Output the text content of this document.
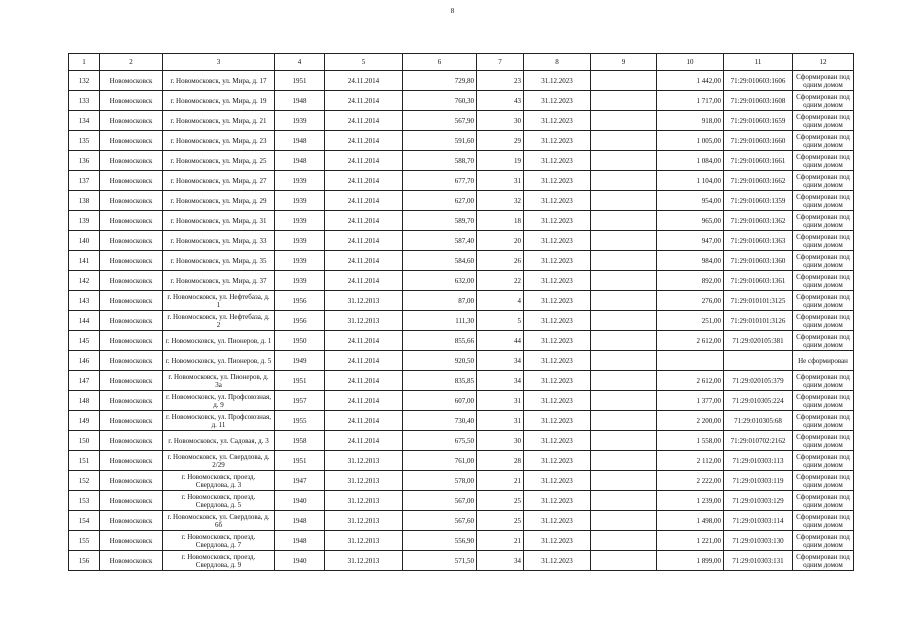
8
1	2	3	4	5	6	7	8	9	10	11	12
132	Новомосковск	г. Новомосковск, ул. Мира, д. 17	1951	24.11.2014	729,80	23	31.12.2023		1 442,00	71:29:010603:1606	Сформирован под одним домом
133	Новомосковск	г. Новомосковск, ул. Мира, д. 19	1948	24.11.2014	760,30	43	31.12.2023		1 717,00	71:29:010603:1608	Сформирован под одним домом
134	Новомосковск	г. Новомосковск, ул. Мира, д. 21	1939	24.11.2014	567,90	30	31.12.2023		918,00	71:29:010603:1659	Сформирован под одним домом
135	Новомосковск	г. Новомосковск, ул. Мира, д. 23	1948	24.11.2014	591,60	29	31.12.2023		1 005,00	71:29:010603:1660	Сформирован под одним домом
136	Новомосковск	г. Новомосковск, ул. Мира, д. 25	1948	24.11.2014	588,70	19	31.12.2023		1 084,00	71:29:010603:1661	Сформирован под одним домом
137	Новомосковск	г. Новомосковск, ул. Мира, д. 27	1939	24.11.2014	677,70	31	31.12.2023		1 104,00	71:29:010603:1662	Сформирован под одним домом
138	Новомосковск	г. Новомосковск, ул. Мира, д. 29	1939	24.11.2014	627,00	32	31.12.2023		954,00	71:29:010603:1359	Сформирован под одним домом
139	Новомосковск	г. Новомосковск, ул. Мира, д. 31	1939	24.11.2014	589,70	18	31.12.2023		965,00	71:29:010603:1362	Сформирован под одним домом
140	Новомосковск	г. Новомосковск, ул. Мира, д. 33	1939	24.11.2014	587,40	20	31.12.2023		947,00	71:29:010603:1363	Сформирован под одним домом
141	Новомосковск	г. Новомосковск, ул. Мира, д. 35	1939	24.11.2014	584,60	26	31.12.2023		984,00	71:29:010603:1360	Сформирован под одним домом
142	Новомосковск	г. Новомосковск, ул. Мира, д. 37	1939	24.11.2014	632,00	22	31.12.2023		892,00	71:29:010603:1361	Сформирован под одним домом
143	Новомосковск	г. Новомосковск, ул. Нефтебаза, д. 1	1956	31.12.2013	87,00	4	31.12.2023		276,00	71:29:010101:3125	Сформирован под одним домом
144	Новомосковск	г. Новомосковск, ул. Нефтебаза, д. 2	1956	31.12.2013	111,30	5	31.12.2023		251,00	71:29:010101:3126	Сформирован под одним домом
145	Новомосковск	г. Новомосковск, ул. Пионеров, д. 1	1950	24.11.2014	855,66	44	31.12.2023		2 612,00	71:29:020105:381	Сформирован под одним домом
146	Новомосковск	г. Новомосковск, ул. Пионеров, д. 5	1949	24.11.2014	920,50	34	31.12.2023				Не сформирован
147	Новомосковск	г. Новомосковск, ул. Пионеров, д. 3а	1951	24.11.2014	835,85	34	31.12.2023		2 612,00	71:29:020105:379	Сформирован под одним домом
148	Новомосковск	г. Новомосковск, ул. Профсоюзная, д. 9	1957	24.11.2014	607,00	31	31.12.2023		1 377,00	71:29:010305:224	Сформирован под одним домом
149	Новомосковск	г. Новомосковск, ул. Профсоюзная, д. 11	1955	24.11.2014	730,40	31	31.12.2023		2 200,00	71:29:010305:68	Сформирован под одним домом
150	Новомосковск	г. Новомосковск, ул. Садовая, д. 3	1958	24.11.2014	675,50	30	31.12.2023		1 558,00	71:29:010702:2162	Сформирован под одним домом
151	Новомосковск	г. Новомосковск, ул. Свердлова, д. 2/29	1951	31.12.2013	761,00	28	31.12.2023		2 112,00	71:29:010303:113	Сформирован под одним домом
152	Новомосковск	г. Новомосковск, проезд. Свердлова, д. 3	1947	31.12.2013	578,00	21	31.12.2023		2 222,00	71:29:010303:119	Сформирован под одним домом
153	Новомосковск	г. Новомосковск, проезд. Свердлова, д. 5	1940	31.12.2013	567,00	25	31.12.2023		1 239,00	71:29:010303:129	Сформирован под одним домом
154	Новомосковск	г. Новомосковск, ул. Свердлова, д. 6б	1948	31.12.2013	567,60	25	31.12.2023		1 498,00	71:29:010303:114	Сформирован под одним домом
155	Новомосковск	г. Новомосковск, проезд. Свердлова, д. 7	1948	31.12.2013	556,90	21	31.12.2023		1 221,00	71:29:010303:130	Сформирован под одним домом
156	Новомосковск	г. Новомосковск, проезд. Свердлова, д. 9	1940	31.12.2013	571,50	34	31.12.2023		1 899,00	71:29:010303:131	Сформирован под одним домом
